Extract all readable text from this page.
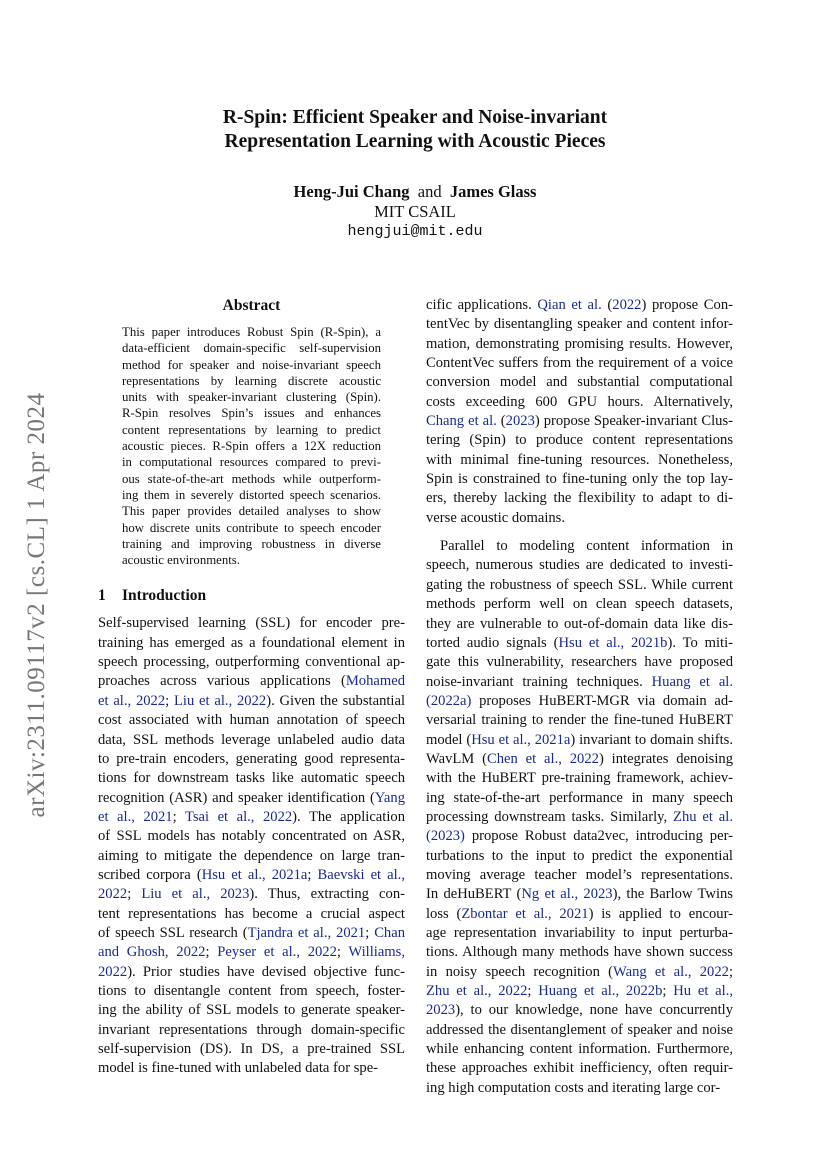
arXiv:2311.09117v2 [cs.CL] 1 Apr 2024
R-Spin: Efficient Speaker and Noise-invariant
Representation Learning with Acoustic Pieces
Heng-Jui Chang and James Glass
MIT CSAIL
hengjui@mit.edu
Abstract
This paper introduces Robust Spin (R-Spin), a
data-efficient domain-specific self-supervision
method for speaker and noise-invariant speech
representations by learning discrete acoustic
units with speaker-invariant clustering (Spin).
R-Spin resolves Spin’s issues and enhances
content representations by learning to predict
acoustic pieces. R-Spin offers a 12X reduction
in computational resources compared to previ-
ous state-of-the-art methods while outperform-
ing them in severely distorted speech scenarios.
This paper provides detailed analyses to show
how discrete units contribute to speech encoder
training and improving robustness in diverse
acoustic environments.
1 Introduction
Self-supervised learning (SSL) for encoder pre-
training has emerged as a foundational element in
speech processing, outperforming conventional ap-
proaches across various applications (Mohamed
et al., 2022; Liu et al., 2022). Given the substantial
cost associated with human annotation of speech
data, SSL methods leverage unlabeled audio data
to pre-train encoders, generating good representa-
tions for downstream tasks like automatic speech
recognition (ASR) and speaker identification (Yang
et al., 2021; Tsai et al., 2022). The application
of SSL models has notably concentrated on ASR,
aiming to mitigate the dependence on large tran-
scribed corpora (Hsu et al., 2021a; Baevski et al.,
2022; Liu et al., 2023). Thus, extracting con-
tent representations has become a crucial aspect
of speech SSL research (Tjandra et al., 2021; Chan
and Ghosh, 2022; Peyser et al., 2022; Williams,
2022). Prior studies have devised objective func-
tions to disentangle content from speech, foster-
ing the ability of SSL models to generate speaker-
invariant representations through domain-specific
self-supervision (DS). In DS, a pre-trained SSL
model is fine-tuned with unlabeled data for spe-
cific applications. Qian et al. (2022) propose Con-
tentVec by disentangling speaker and content infor-
mation, demonstrating promising results. However,
ContentVec suffers from the requirement of a voice
conversion model and substantial computational
costs exceeding 600 GPU hours. Alternatively,
Chang et al. (2023) propose Speaker-invariant Clus-
tering (Spin) to produce content representations
with minimal fine-tuning resources. Nonetheless,
Spin is constrained to fine-tuning only the top lay-
ers, thereby lacking the flexibility to adapt to di-
verse acoustic domains.
Parallel to modeling content information in
speech, numerous studies are dedicated to investi-
gating the robustness of speech SSL. While current
methods perform well on clean speech datasets,
they are vulnerable to out-of-domain data like dis-
torted audio signals (Hsu et al., 2021b). To miti-
gate this vulnerability, researchers have proposed
noise-invariant training techniques. Huang et al.
(2022a) proposes HuBERT-MGR via domain ad-
versarial training to render the fine-tuned HuBERT
model (Hsu et al., 2021a) invariant to domain shifts.
WavLM (Chen et al., 2022) integrates denoising
with the HuBERT pre-training framework, achiev-
ing state-of-the-art performance in many speech
processing downstream tasks. Similarly, Zhu et al.
(2023) propose Robust data2vec, introducing per-
turbations to the input to predict the exponential
moving average teacher model’s representations.
In deHuBERT (Ng et al., 2023), the Barlow Twins
loss (Zbontar et al., 2021) is applied to encour-
age representation invariability to input perturba-
tions. Although many methods have shown success
in noisy speech recognition (Wang et al., 2022;
Zhu et al., 2022; Huang et al., 2022b; Hu et al.,
2023), to our knowledge, none have concurrently
addressed the disentanglement of speaker and noise
while enhancing content information. Furthermore,
these approaches exhibit inefficiency, often requir-
ing high computation costs and iterating large cor-
